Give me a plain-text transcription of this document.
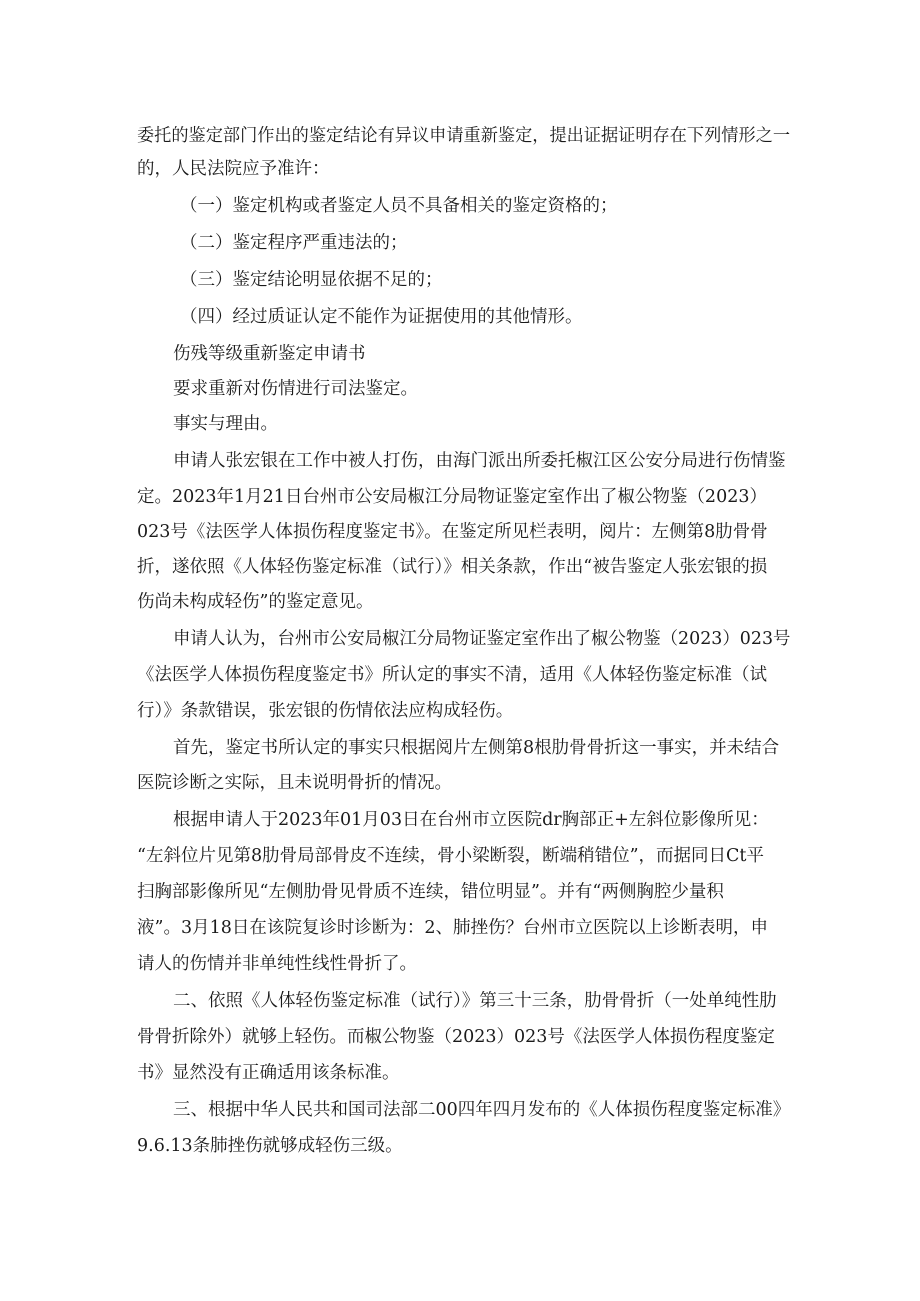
委托的鉴定部门作出的鉴定结论有异议申请重新鉴定，提出证据证明存在下列情形之一
的，人民法院应予准许：
（一）鉴定机构或者鉴定人员不具备相关的鉴定资格的；
（二）鉴定程序严重违法的；
（三）鉴定结论明显依据不足的；
（四）经过质证认定不能作为证据使用的其他情形。
伤残等级重新鉴定申请书
要求重新对伤情进行司法鉴定。
事实与理由。
申请人张宏银在工作中被人打伤，由海门派出所委托椒江区公安分局进行伤情鉴
定。2023年1月21日台州市公安局椒江分局物证鉴定室作出了椒公物鉴（2023）
023号《法医学人体损伤程度鉴定书》。在鉴定所见栏表明，阅片：左侧第8肋骨骨
折，遂依照《人体轻伤鉴定标准（试行）》相关条款，作出“被告鉴定人张宏银的损
伤尚未构成轻伤”的鉴定意见。
申请人认为，台州市公安局椒江分局物证鉴定室作出了椒公物鉴（2023）023号
《法医学人体损伤程度鉴定书》所认定的事实不清，适用《人体轻伤鉴定标准（试
行）》条款错误，张宏银的伤情依法应构成轻伤。
首先，鉴定书所认定的事实只根据阅片左侧第8根肋骨骨折这一事实，并未结合
医院诊断之实际，且未说明骨折的情况。
根据申请人于2023年01月03日在台州市立医院dr胸部正+左斜位影像所见：
“左斜位片见第8肋骨局部骨皮不连续，骨小梁断裂，断端稍错位”，而据同日Ct平
扫胸部影像所见“左侧肋骨见骨质不连续，错位明显”。并有“两侧胸腔少量积
液”。3月18日在该院复诊时诊断为：2、肺挫伤？台州市立医院以上诊断表明，申
请人的伤情并非单纯性线性骨折了。
二、依照《人体轻伤鉴定标准（试行）》第三十三条，肋骨骨折（一处单纯性肋
骨骨折除外）就够上轻伤。而椒公物鉴（2023）023号《法医学人体损伤程度鉴定
书》显然没有正确适用该条标准。
三、根据中华人民共和国司法部二00四年四月发布的《人体损伤程度鉴定标准》
9.6.13条肺挫伤就够成轻伤三级。
